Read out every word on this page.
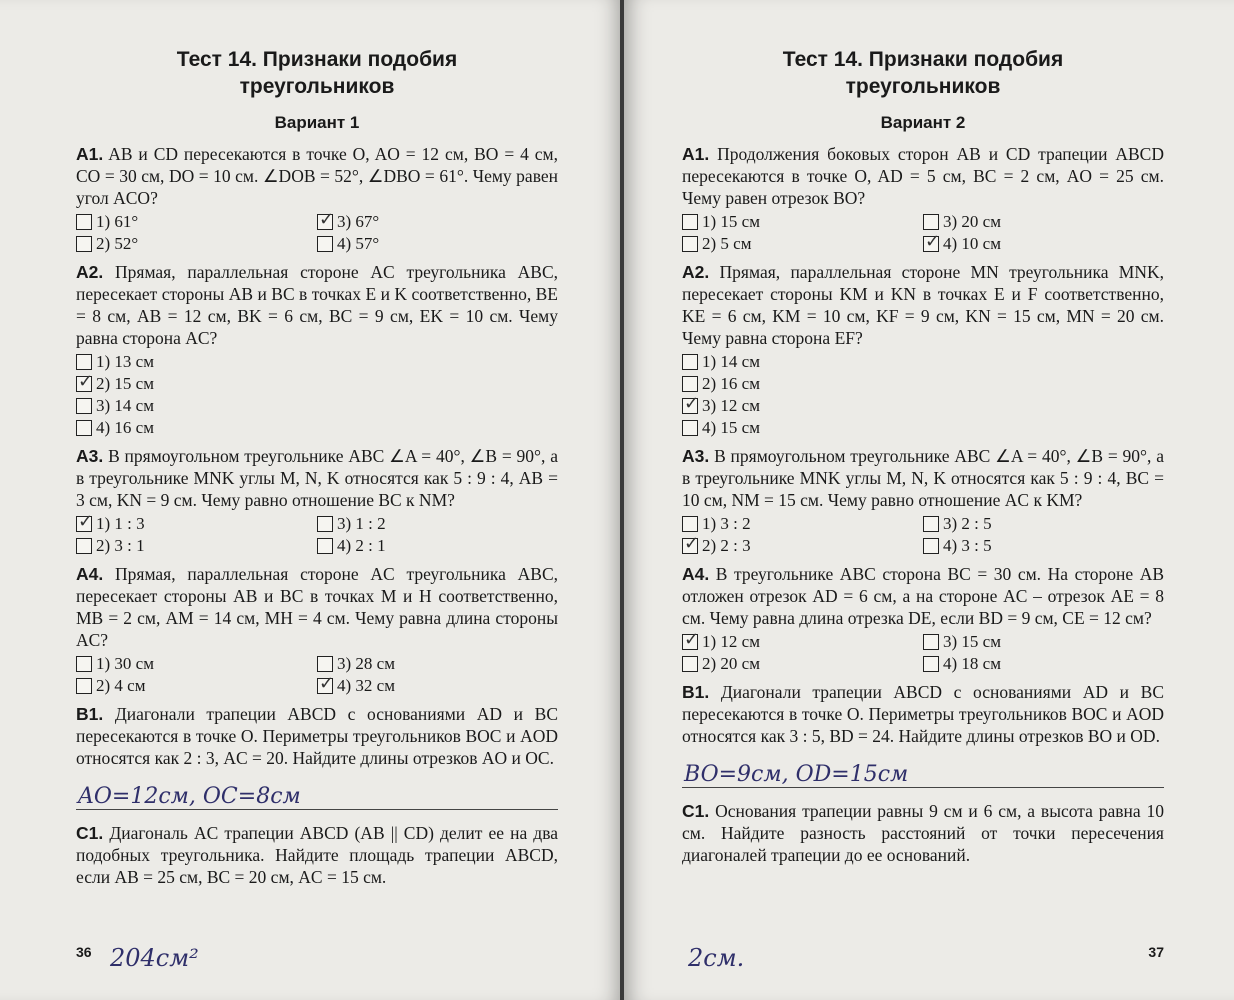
Тест 14. Признаки подобия
треугольников
Вариант 1

A1. AB и CD пересекаются в точке O, AO = 12 см, BO = 4 см, CO = 30 см, DO = 10 см. ∠DOB = 52°, ∠DBO = 61°. Чему равен угол ACO?

1) 61° ✓	3) 67°
2) 52°	4) 57°

A2. Прямая, параллельная стороне AC треугольника ABC, пересекает стороны AB и BC в точках E и K соответственно, BE = 8 см, AB = 12 см, BK = 6 см, BC = 9 см, EK = 10 см. Чему равна сторона AC?

1) 13 см
✓
2) 15 см
3) 14 см
4) 16 см

A3. В прямоугольном треугольнике ABC ∠A = 40°, ∠B = 90°, а в треугольнике MNK углы M, N, K относятся как 5 : 9 : 4, AB = 3 см, KN = 9 см. Чему равно отношение BC к NM?

✓
1) 1 : 3	3) 1 : 2
2) 3 : 1	4) 2 : 1

A4. Прямая, параллельная стороне AC треугольника ABC, пересекает стороны AB и BC в точках M и H соответственно, MB = 2 см, AM = 14 см, MH = 4 см. Чему равна длина стороны AC?

1) 30 см	3) 28 см
2) 4 см ✓	4) 32 см

B1. Диагонали трапеции ABCD с основаниями AD и BC пересекаются в точке O. Периметры треугольников BOC и AOD относятся как 2 : 3, AC = 20. Найдите длины отрезков AO и OC.

AO=12см, OC=8см

C1. Диагональ AC трапеции ABCD (AB || CD) делит ее на два подобных треугольника. Найдите площадь трапеции ABCD, если AB = 25 см, BC = 20 см, AC = 15 см.

36 204см²
Тест 14. Признаки подобия
треугольников
Вариант 2

A1. Продолжения боковых сторон AB и CD трапеции ABCD пересекаются в точке O, AD = 5 см, BC = 2 см, AO = 25 см. Чему равен отрезок BO?

1) 15 см	3) 20 см
2) 5 см ✓	4) 10 см

A2. Прямая, параллельная стороне MN треугольника MNK, пересекает стороны KM и KN в точках E и F соответственно, KE = 6 см, KM = 10 см, KF = 9 см, KN = 15 см, MN = 20 см. Чему равна сторона EF?

1) 14 см
2) 16 см
✓
3) 12 см
4) 15 см

A3. В прямоугольном треугольнике ABC ∠A = 40°, ∠B = 90°, а в треугольнике MNK углы M, N, K относятся как 5 : 9 : 4, BC = 10 см, NM = 15 см. Чему равно отношение AC к KM?

1) 3 : 2	3) 2 : 5
✓
2) 2 : 3	4) 3 : 5

A4. В треугольнике ABC сторона BC = 30 см. На стороне AB отложен отрезок AD = 6 см, а на стороне AC – отрезок AE = 8 см. Чему равна длина отрезка DE, если BD = 9 см, CE = 12 см?

✓
1) 12 см	3) 15 см
2) 20 см	4) 18 см

B1. Диагонали трапеции ABCD с основаниями AD и BC пересекаются в точке O. Периметры треугольников BOC и AOD относятся как 3 : 5, BD = 24. Найдите длины отрезков BO и OD.

BO=9см, OD=15см

C1. Основания трапеции равны 9 см и 6 см, а высота равна 10 см. Найдите разность расстояний от точки пересечения диагоналей трапеции до ее оснований.

37
2см.
